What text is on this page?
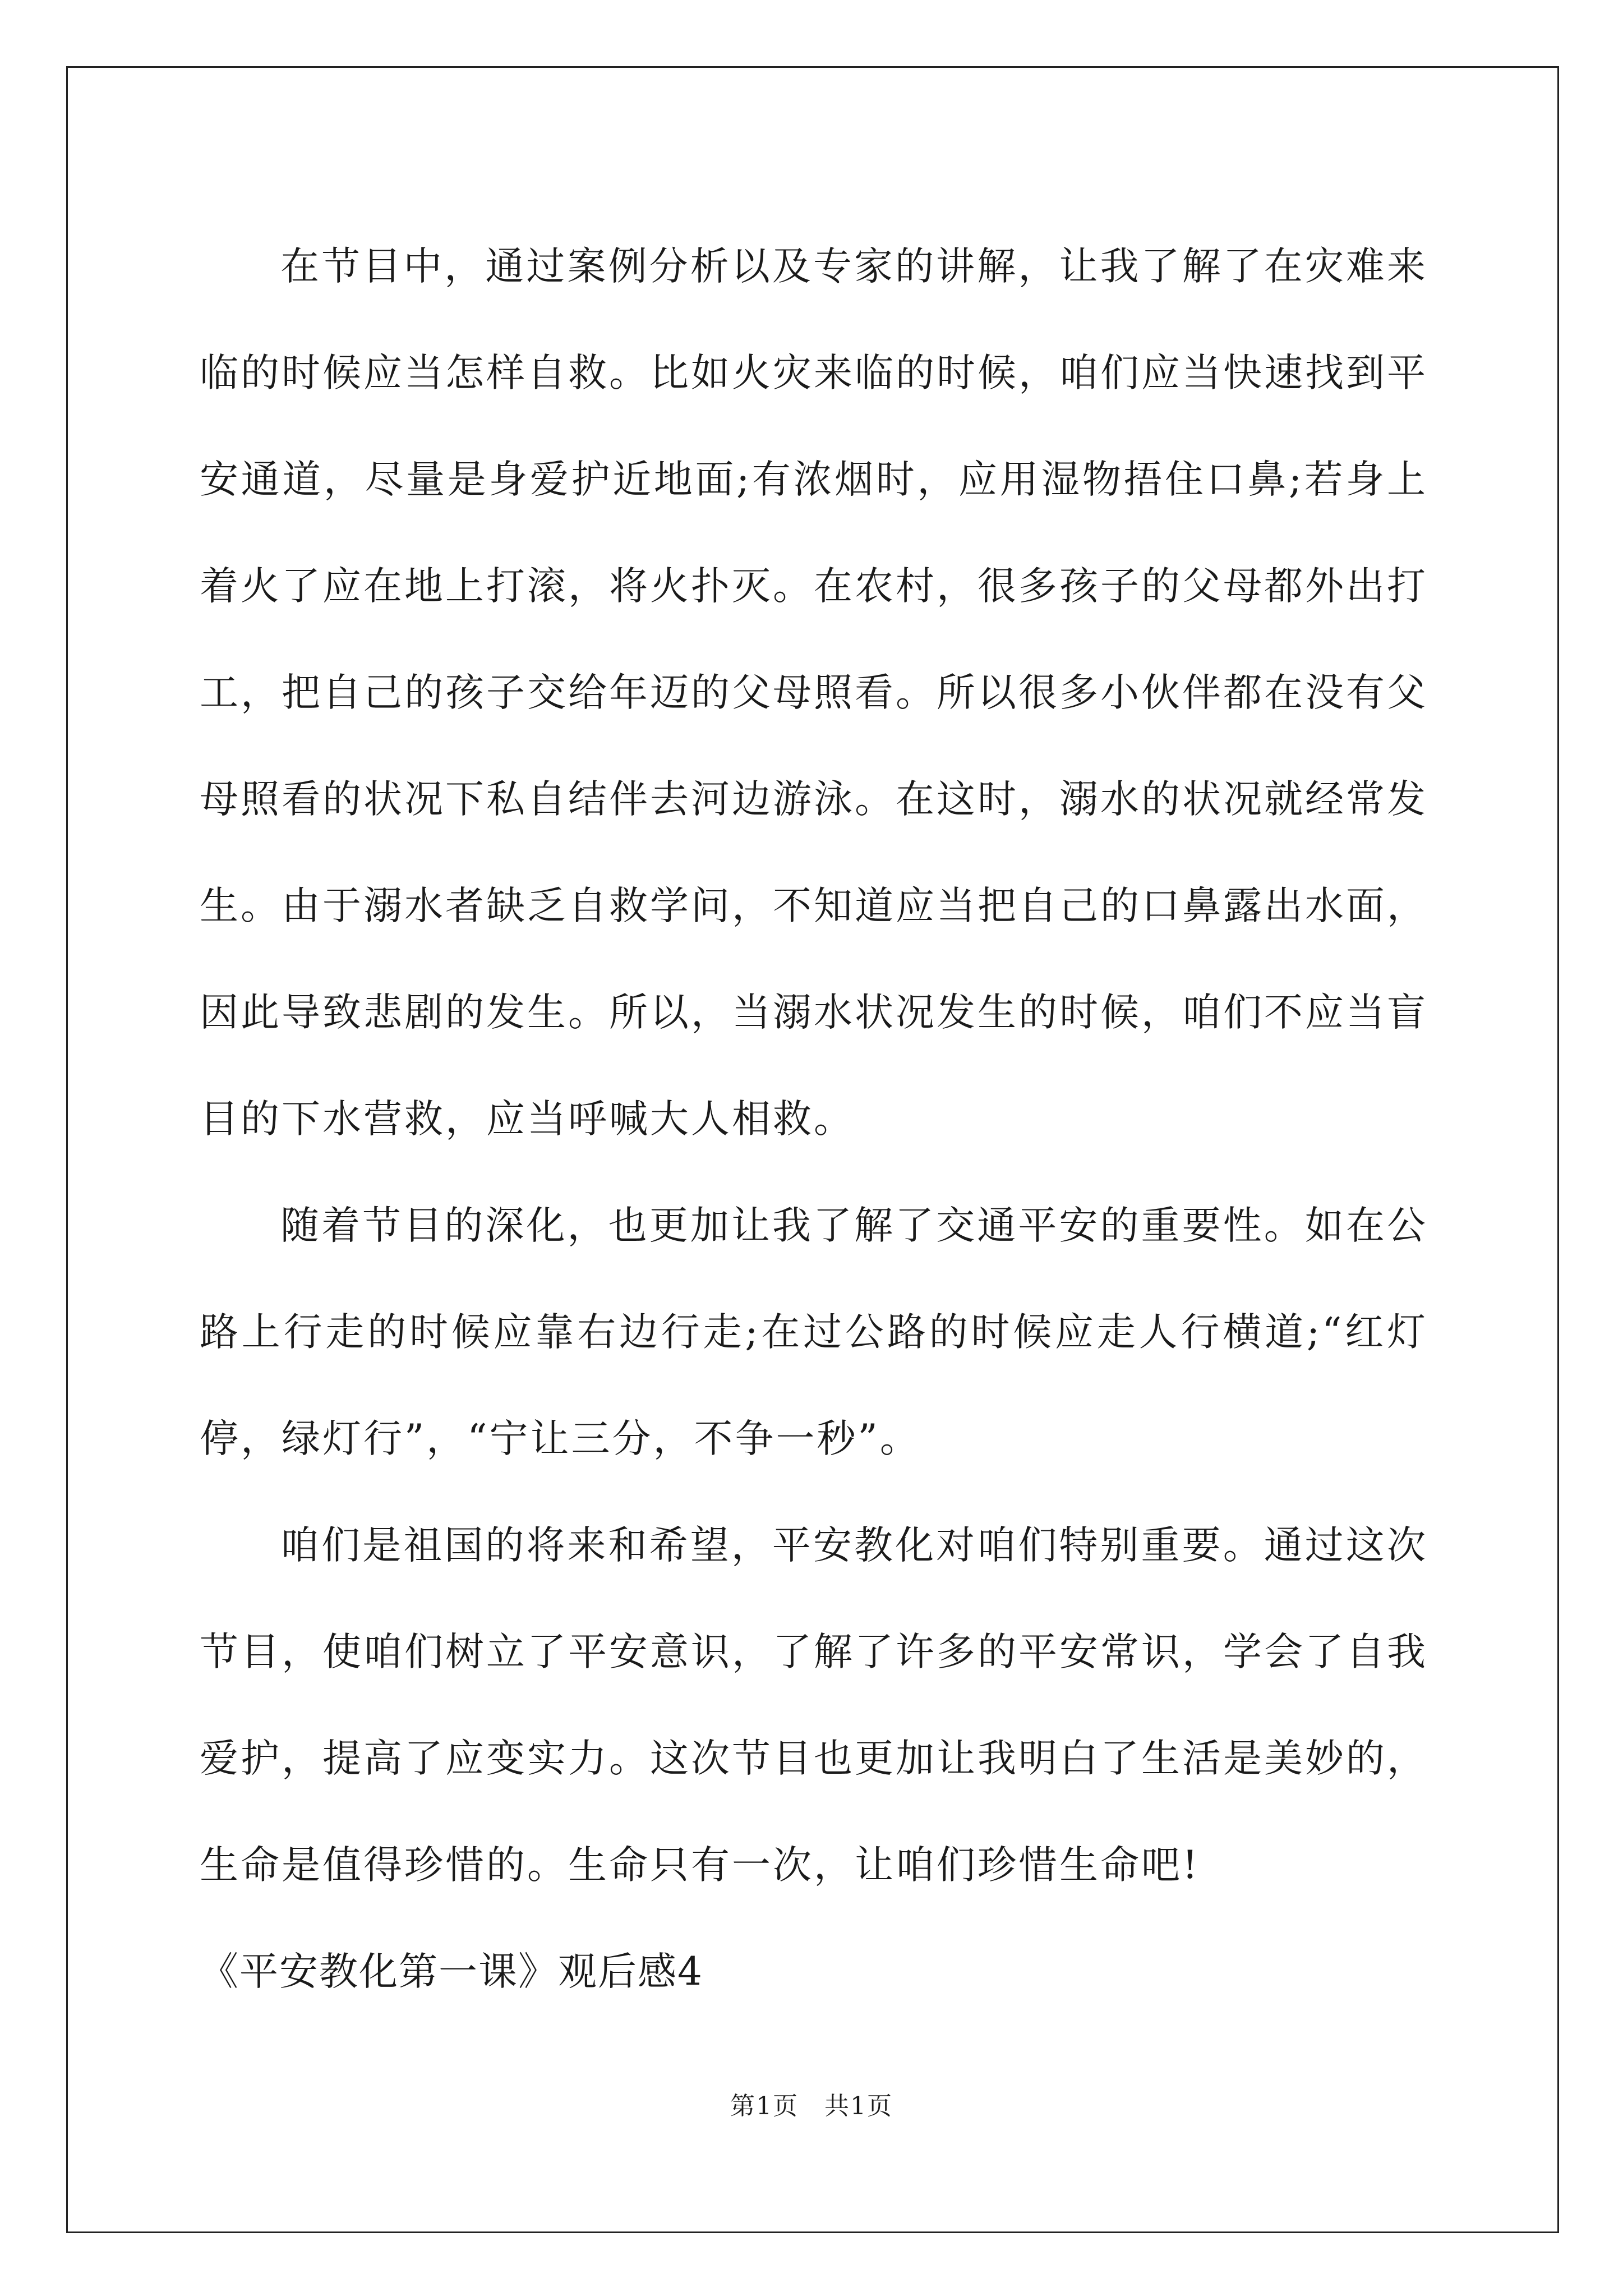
在节目中，通过案例分析以及专家的讲解，让我了解了在灾难来临的时候应当怎样自救。比如火灾来临的时候，咱们应当快速找到平安通道，尽量是身爱护近地面;有浓烟时，应用湿物捂住口鼻;若身上着火了应在地上打滚，将火扑灭。在农村，很多孩子的父母都外出打工，把自己的孩子交给年迈的父母照看。所以很多小伙伴都在没有父母照看的状况下私自结伴去河边游泳。在这时，溺水的状况就经常发生。由于溺水者缺乏自救学问，不知道应当把自己的口鼻露出水面，因此导致悲剧的发生。所以，当溺水状况发生的时候，咱们不应当盲目的下水营救，应当呼喊大人相救。

随着节目的深化，也更加让我了解了交通平安的重要性。如在公路上行走的时候应靠右边行走;在过公路的时候应走人行横道;“红灯停，绿灯行”，“宁让三分，不争一秒”。

咱们是祖国的将来和希望，平安教化对咱们特别重要。通过这次节目，使咱们树立了平安意识，了解了许多的平安常识，学会了自我爱护，提高了应变实力。这次节目也更加让我明白了生活是美妙的，生命是值得珍惜的。生命只有一次，让咱们珍惜生命吧!

《平安教化第一课》观后感4

第1页　共1页
